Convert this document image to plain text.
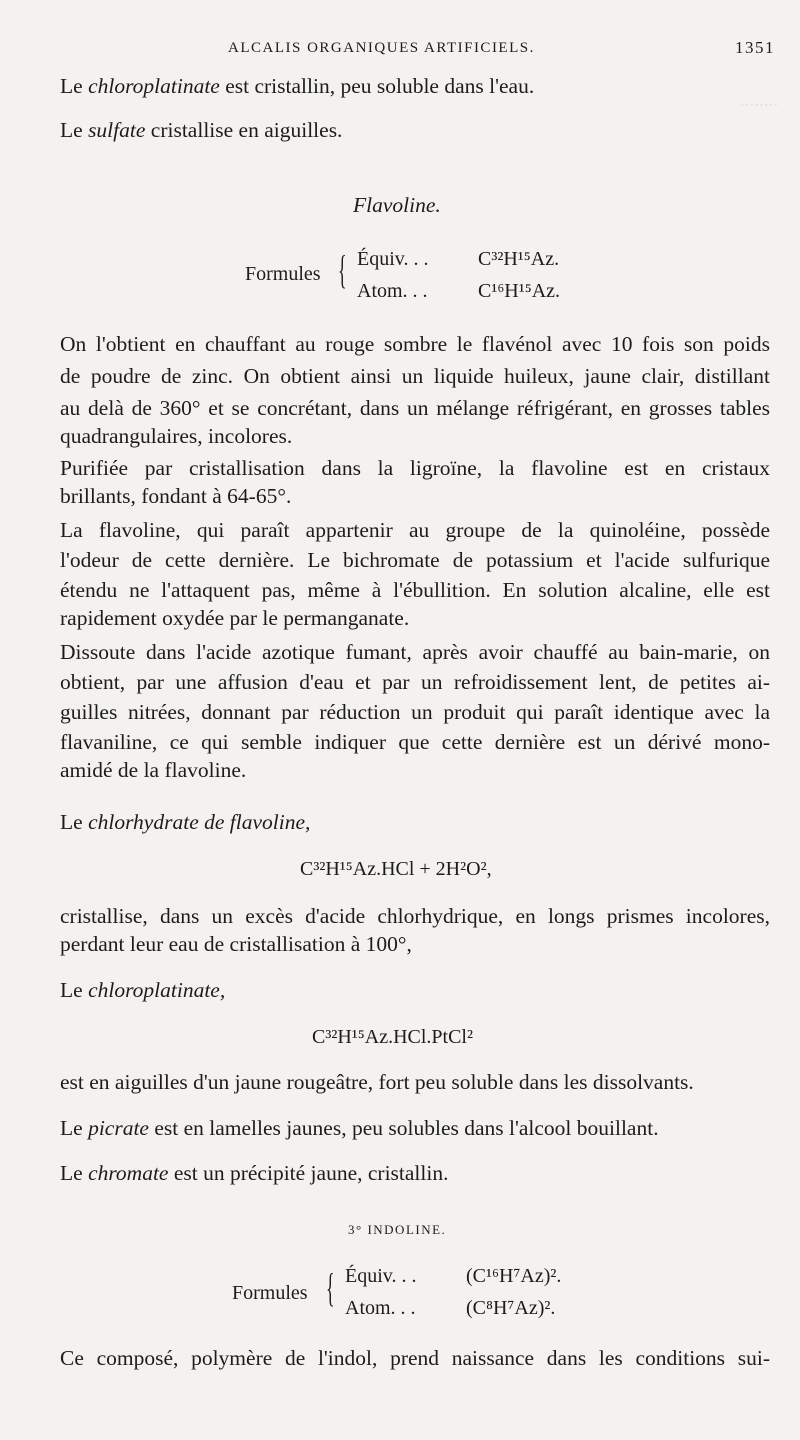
........
ALCALIS ORGANIQUES ARTIFICIELS.	1351
Le chloroplatinate est cristallin, peu soluble dans l'eau.
Le sulfate cristallise en aiguilles.
Flavoline.
Formules { Équiv. . . C³²H¹⁵Az.
Atom. . .	C¹⁶H¹⁵Az.
On l'obtient en chauffant au rouge sombre le flavénol avec 10 fois son poids
de poudre de zinc. On obtient ainsi un liquide huileux, jaune clair, distillant
au delà de 360° et se concrétant, dans un mélange réfrigérant, en grosses tables
quadrangulaires, incolores.
Purifiée par cristallisation dans la ligroïne, la flavoline est en cristaux
brillants, fondant à 64-65°.
La flavoline, qui paraît appartenir au groupe de la quinoléine, possède
l'odeur de cette dernière. Le bichromate de potassium et l'acide sulfurique
étendu ne l'attaquent pas, même à l'ébullition. En solution alcaline, elle est
rapidement oxydée par le permanganate.
Dissoute dans l'acide azotique fumant, après avoir chauffé au bain-marie, on
obtient, par une affusion d'eau et par un refroidissement lent, de petites ai-
guilles nitrées, donnant par réduction un produit qui paraît identique avec la
flavaniline, ce qui semble indiquer que cette dernière est un dérivé mono-
amidé de la flavoline.
Le chlorhydrate de flavoline,
C³²H¹⁵Az.HCl + 2H²O²,
cristallise, dans un excès d'acide chlorhydrique, en longs prismes incolores,
perdant leur eau de cristallisation à 100°,
Le chloroplatinate,
C³²H¹⁵Az.HCl.PtCl²
est en aiguilles d'un jaune rougeâtre, fort peu soluble dans les dissolvants.
Le picrate est en lamelles jaunes, peu solubles dans l'alcool bouillant.
Le chromate est un précipité jaune, cristallin.
3° INDOLINE.
Formules { Équiv. . . (C¹⁶H⁷Az)².
Atom. . .	(C⁸H⁷Az)².
Ce composé, polymère de l'indol, prend naissance dans les conditions sui-
